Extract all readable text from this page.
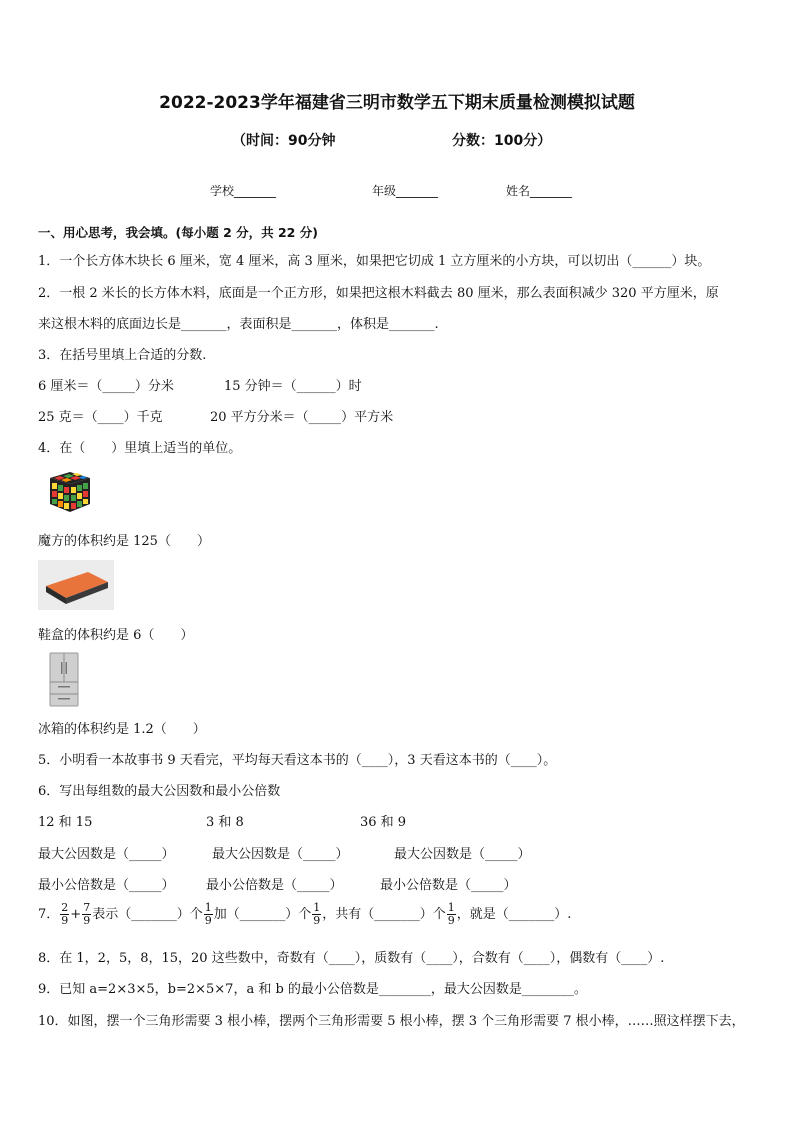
2022-2023学年福建省三明市数学五下期末质量检测模拟试题
（时间：90分钟	分数：100分）
学校_______	年级_______	姓名_______
一、用心思考，我会填。(每小题 2 分，共 22 分)
1．一个长方体木块长 6 厘米，宽 4 厘米，高 3 厘米，如果把它切成 1 立方厘米的小方块，可以切出（______）块。
2．一根 2 米长的长方体木料，底面是一个正方形，如果把这根木料截去 80 厘米，那么表面积减少 320 平方厘米，原
来这根木料的底面边长是_______，表面积是_______，体积是_______.
3．在括号里填上合适的分数.
6 厘米＝（_____）分米	15 分钟＝（______）时
25 克＝（____）千克	20 平方分米＝（_____）平方米
4．在（　　）里填上适当的单位。
魔方的体积约是 125（　　）
鞋盒的体积约是 6（　　）
冰箱的体积约是 1.2（　　）
5．小明看一本故事书 9 天看完，平均每天看这本书的（____），3 天看这本书的（____）。
6．写出每组数的最大公因数和最小公倍数
12 和 15	3 和 8	36 和 9
最大公因数是（_____）	最大公因数是（_____）	最大公因数是（_____）
最小公倍数是（_____） 最小公倍数是（_____）	最小公倍数是（_____）
7． $\frac{2}{9} + \frac{7}{9}$ 表示（_______）个 $\frac{1}{9}$ 加（_______）个 $\frac{1}{9}$ ，共有（_______）个 $\frac{1}{9}$ ，就是（_______）.
8．在 1，2，5，8，15，20 这些数中，奇数有（____），质数有（____），合数有（____），偶数有（____）.
9．已知 a=2×3×5，b=2×5×7，a 和 b 的最小公倍数是________，最大公因数是________。
10．如图，摆一个三角形需要 3 根小棒，摆两个三角形需要 5 根小棒，摆 3 个三角形需要 7 根小棒，……照这样摆下去，
